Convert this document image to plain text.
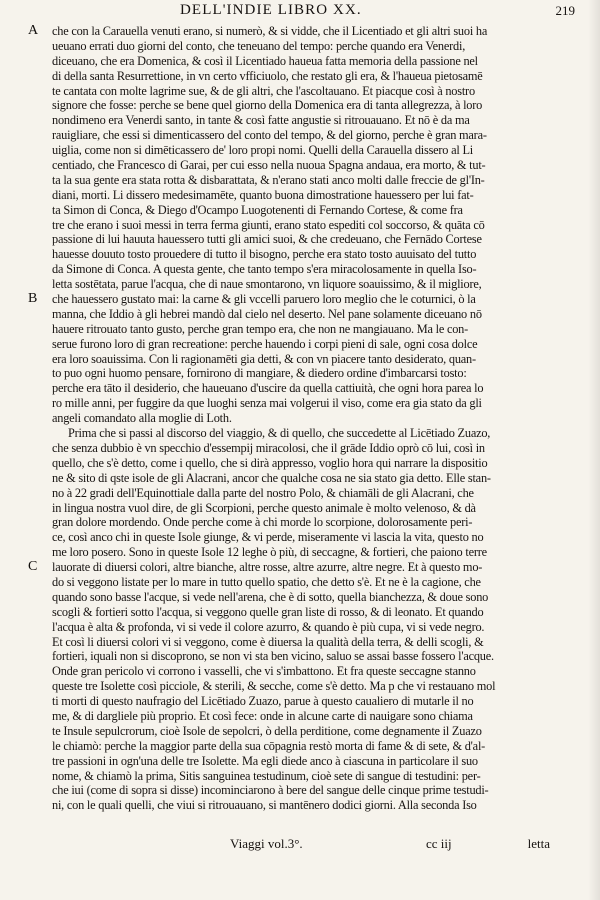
DELL'INDIE LIBRO XX.	219
A	che con la Carauella venuti erano, si numerò, & si vidde, che il Licentiado et gli altri suoi ha
ueuano errati duo giorni del conto, che teneuano del tempo: perche quando era Venerdi,
diceuano, che era Domenica, & così il Licentiado haueua fatta memoria della passione nel
di della santa Resurrettione, in vn certo vfficiuolo, che restato gli era, & l'haueua pietosamē
te cantata con molte lagrime sue, & de gli altri, che l'ascoltauano. Et piacque così à nostro
signore che fosse: perche se bene quel giorno della Domenica era di tanta allegrezza, à loro
nondimeno era Venerdi santo, in tante & così fatte angustie si ritrouauano. Et nō è da ma
rauigliare, che essi si dimenticassero del conto del tempo, & del giorno, perche è gran mara-
uiglia, come non si dimēticassero de' loro propi nomi. Quelli della Carauella dissero al Li
centiado, che Francesco di Garai, per cui esso nella nuoua Spagna andaua, era morto, & tut-
ta la sua gente era stata rotta & disbarattata, & n'erano stati anco molti dalle freccie de gl'In-
diani, morti. Li dissero medesimamēte, quanto buona dimostratione hauessero per lui fat-
ta Simon di Conca, & Diego d'Ocampo Luogotenenti di Fernando Cortese, & come fra
tre che erano i suoi messi in terra ferma giunti, erano stato espediti col soccorso, & quāta cō
passione di lui hauuta hauessero tutti gli amici suoi, & che credeuano, che Fernādo Cortese
hauesse douuto tosto prouedere di tutto il bisogno, perche era stato tosto auuisato del tutto
da Simone di Conca. A questa gente, che tanto tempo s'era miracolosamente in quella Iso-
letta sostētata, parue l'acqua, che di naue smontarono, vn liquore soauissimo, & il migliore,
B	che hauessero gustato mai: la carne & gli vccelli paruero loro meglio che le coturnici, ò la
manna, che Iddio à gli hebrei mandò dal cielo nel deserto. Nel pane solamente diceuano nō
hauere ritrouato tanto gusto, perche gran tempo era, che non ne mangiauano. Ma le con-
serue furono loro di gran recreatione: perche hauendo i corpi pieni di sale, ogni cosa dolce
era loro soauissima. Con li ragionamēti gia detti, & con vn piacere tanto desiderato, quan-
to puo ogni huomo pensare, fornirono di mangiare, & diedero ordine d'imbarcarsi tosto:
perche era tāto il desiderio, che haueuano d'uscire da quella cattiuità, che ogni hora parea lo
ro mille anni, per fuggire da que luoghi senza mai volgerui il viso, come era gia stato da gli
angeli comandato alla moglie di Loth.
Prima che si passi al discorso del viaggio, & di quello, che succedette al Licētiado Zuazo,
che senza dubbio è vn specchio d'essempij miracolosi, che il grāde Iddio oprò cō lui, così in
quello, che s'è detto, come i quello, che si dirà appresso, voglio hora qui narrare la dispositio
ne & sito di qste isole de gli Alacrani, ancor che qualche cosa ne sia stato gia detto. Elle stan-
no à 22 gradi dell'Equinottiale dalla parte del nostro Polo, & chiamāli de gli Alacrani, che
in lingua nostra vuol dire, de gli Scorpioni, perche questo animale è molto velenoso, & dà
gran dolore mordendo. Onde perche come à chi morde lo scorpione, dolorosamente peri-
ce, così anco chi in queste Isole giunge, & vi perde, miseramente vi lascia la vita, questo no
me loro posero. Sono in queste Isole 12 leghe ò più, di seccagne, & fortieri, che paiono terre
C	lauorate di diuersi colori, altre bianche, altre rosse, altre azurre, altre negre. Et à questo mo-
do si veggono listate per lo mare in tutto quello spatio, che detto s'è. Et ne è la cagione, che
quando sono basse l'acque, si vede nell'arena, che è di sotto, quella bianchezza, & doue sono
scogli & fortieri sotto l'acqua, si veggono quelle gran liste di rosso, & di leonato. Et quando
l'acqua è alta & profonda, vi si vede il colore azurro, & quando è più cupa, vi si vede negro.
Et così li diuersi colori vi si veggono, come è diuersa la qualità della terra, & delli scogli, &
fortieri, iquali non si discoprono, se non vi sta ben vicino, saluo se assai basse fossero l'acque.
Onde gran pericolo vi corrono i vasselli, che vi s'imbattono. Et fra queste seccagne stanno
queste tre Isolette così picciole, & sterili, & secche, come s'è detto. Ma p che vi restauano mol
ti morti di questo naufragio del Licētiado Zuazo, parue à questo caualiero di mutarle il no
me, & di dargliele più proprio. Et così fece: onde in alcune carte di nauigare sono chiama
te Insule sepulcrorum, cioè Isole de sepolcri, ò della perditione, come degnamente il Zuazo
le chiamò: perche la maggior parte della sua cōpagnia restò morta di fame & di sete, & d'al-
tre passioni in ogn'una delle tre Isolette. Ma egli diede anco à ciascuna in particolare il suo
nome, & chiamò la prima, Sitis sanguinea testudinum, cioè sete di sangue di testudini: per-
che iui (come di sopra si disse) incominciarono à bere del sangue delle cinque prime testudi-
ni, con le quali quelli, che viui si ritrouauano, si mantēnero dodici giorni. Alla seconda Iso
Viaggi vol.3°.	cc iij	letta
